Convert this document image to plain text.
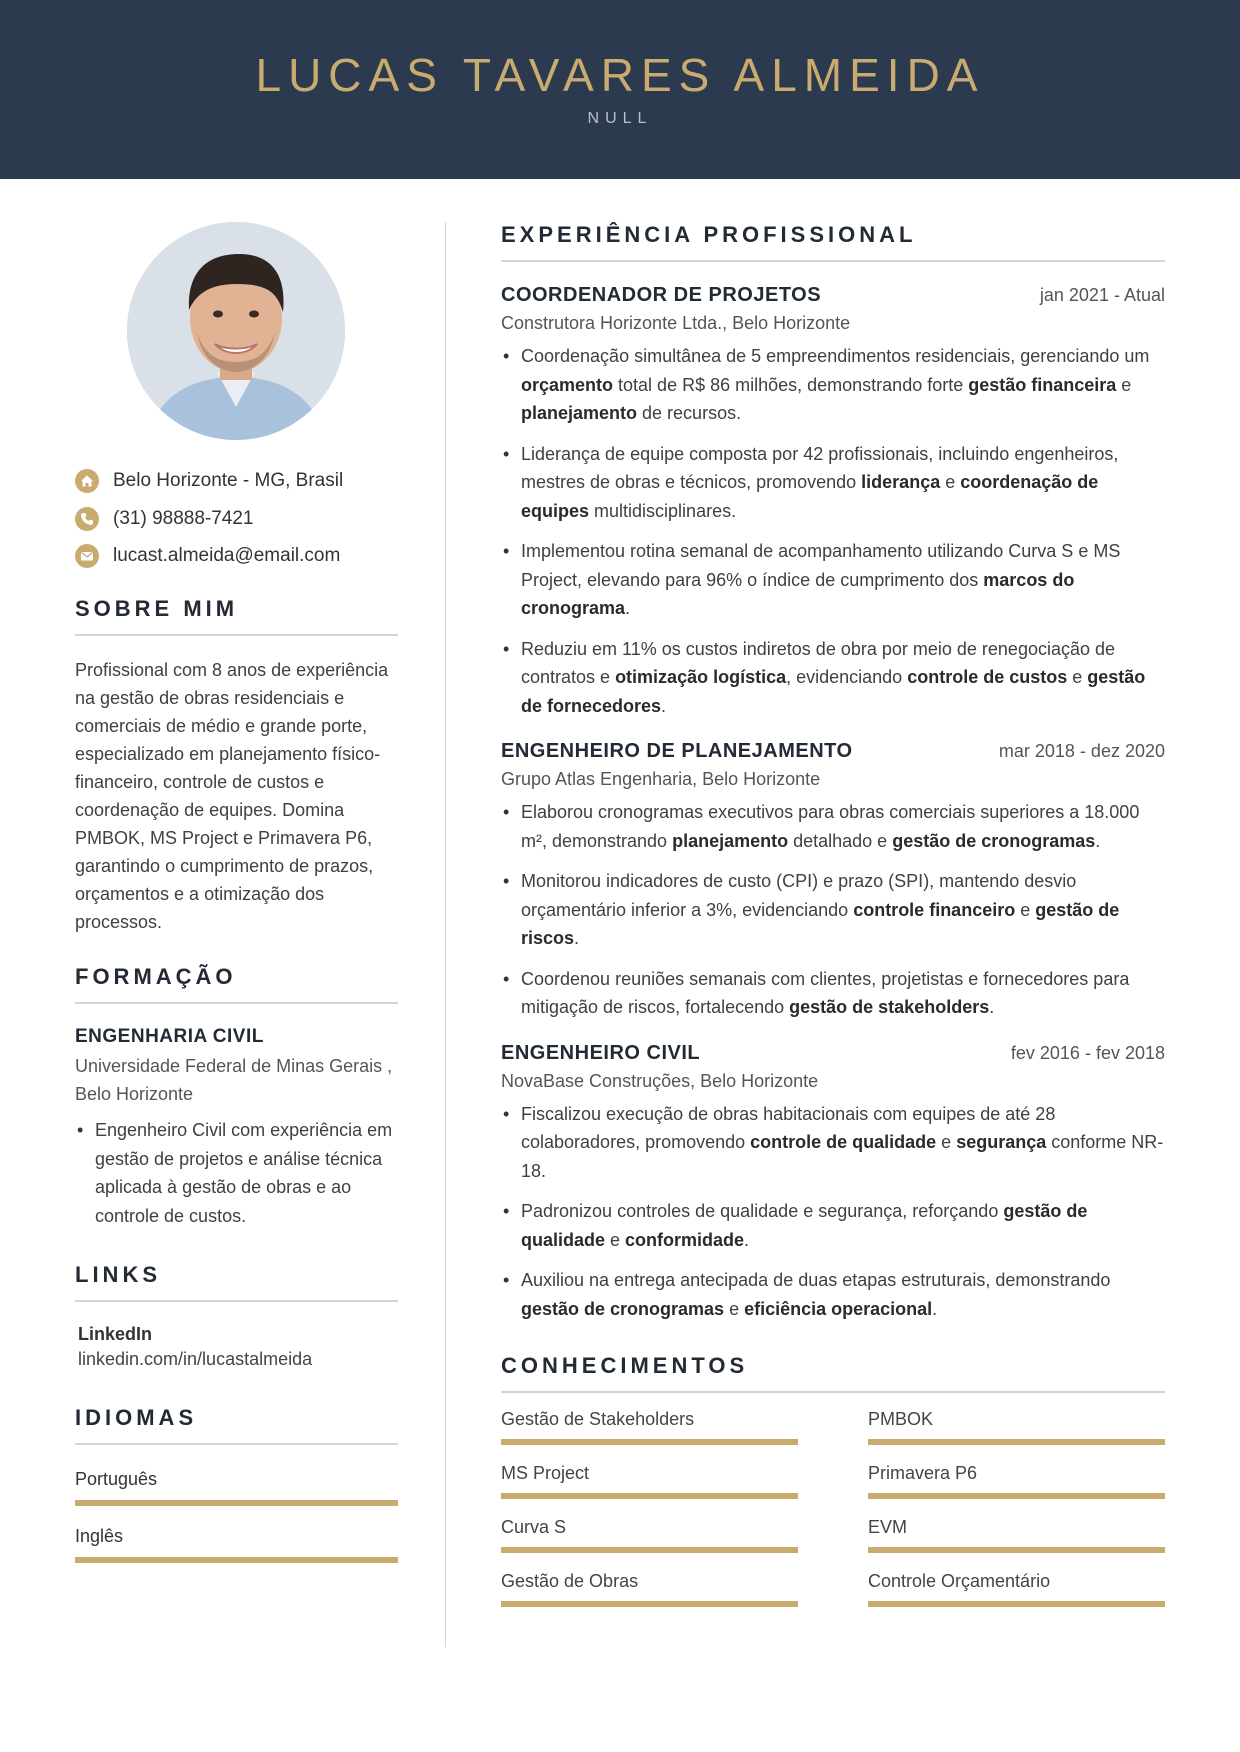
LUCAS TAVARES ALMEIDA
NULL
Belo Horizonte - MG, Brasil
(31) 98888-7421
lucast.almeida@email.com
SOBRE MIM
Profissional com 8 anos de experiência na gestão de obras residenciais e comerciais de médio e grande porte, especializado em planejamento físico-financeiro, controle de custos e coordenação de equipes. Domina PMBOK, MS Project e Primavera P6, garantindo o cumprimento de prazos, orçamentos e a otimização dos processos.
FORMAÇÃO
ENGENHARIA CIVIL
Universidade Federal de Minas Gerais , Belo Horizonte
• Engenheiro Civil com experiência em gestão de projetos e análise técnica aplicada à gestão de obras e ao controle de custos.
LINKS
LinkedIn
linkedin.com/in/lucastalmeida
IDIOMAS
Português
Inglês
EXPERIÊNCIA PROFISSIONAL
COORDENADOR DE PROJETOS	jan 2021 - Atual
Construtora Horizonte Ltda., Belo Horizonte
• Coordenação simultânea de 5 empreendimentos residenciais, gerenciando um orçamento total de R$ 86 milhões, demonstrando forte gestão financeira e planejamento de recursos.
• Liderança de equipe composta por 42 profissionais, incluindo engenheiros, mestres de obras e técnicos, promovendo liderança e coordenação de equipes multidisciplinares.
• Implementou rotina semanal de acompanhamento utilizando Curva S e MS Project, elevando para 96% o índice de cumprimento dos marcos do cronograma.
• Reduziu em 11% os custos indiretos de obra por meio de renegociação de contratos e otimização logística, evidenciando controle de custos e gestão de fornecedores.
ENGENHEIRO DE PLANEJAMENTO	mar 2018 - dez 2020
Grupo Atlas Engenharia, Belo Horizonte
• Elaborou cronogramas executivos para obras comerciais superiores a 18.000 m², demonstrando planejamento detalhado e gestão de cronogramas.
• Monitorou indicadores de custo (CPI) e prazo (SPI), mantendo desvio orçamentário inferior a 3%, evidenciando controle financeiro e gestão de riscos.
• Coordenou reuniões semanais com clientes, projetistas e fornecedores para mitigação de riscos, fortalecendo gestão de stakeholders.
ENGENHEIRO CIVIL	fev 2016 - fev 2018
NovaBase Construções, Belo Horizonte
• Fiscalizou execução de obras habitacionais com equipes de até 28 colaboradores, promovendo controle de qualidade e segurança conforme NR-18.
• Padronizou controles de qualidade e segurança, reforçando gestão de qualidade e conformidade.
• Auxiliou na entrega antecipada de duas etapas estruturais, demonstrando gestão de cronogramas e eficiência operacional.
CONHECIMENTOS
Gestão de Stakeholders	PMBOK
MS Project	Primavera P6
Curva S	EVM
Gestão de Obras	Controle Orçamentário
